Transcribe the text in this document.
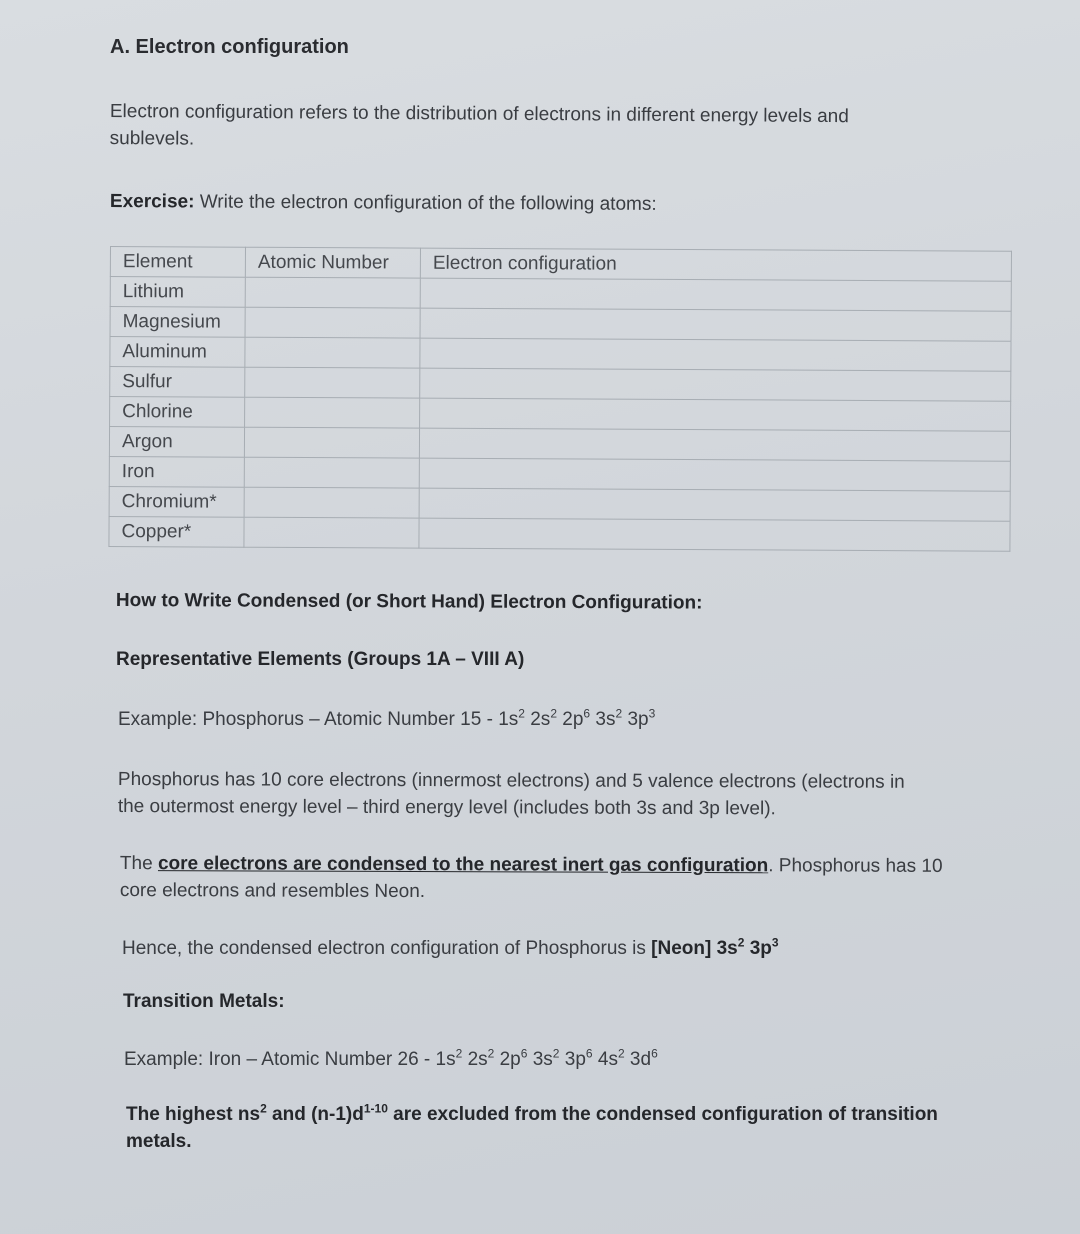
A. Electron configuration
Electron configuration refers to the distribution of electrons in different energy levels and
sublevels.
Exercise: Write the electron configuration of the following atoms:
Element	Atomic Number	Electron configuration
Lithium		
Magnesium		
Aluminum		
Sulfur		
Chlorine		
Argon		
Iron		
Chromium*		
Copper*		
How to Write Condensed (or Short Hand) Electron Configuration:
Representative Elements (Groups 1A – VIII A)
Example: Phosphorus – Atomic Number $15 - 1s^2$ $2s^2$ $2p^6$ $3s^2$ $3p^3$
Phosphorus has 10 core electrons (innermost electrons) and 5 valence electrons (electrons in
the outermost energy level – third energy level (includes both 3s and 3p level).
The core electrons are condensed to the nearest inert gas configuration. Phosphorus has 10
core electrons and resembles Neon.
Hence, the condensed electron configuration of Phosphorus is [Neon] $3s^2$ $3p^3$
Transition Metals:
Example: Iron – Atomic Number $26 - 1s^2$ $2s^2$ $2p^6$ $3s^2$ $3p^6$ $4s^2$ $3d^6$
The highest $ns^2$ and $(n-1)d^{1-10}$ are excluded from the condensed configuration of transition
metals.
